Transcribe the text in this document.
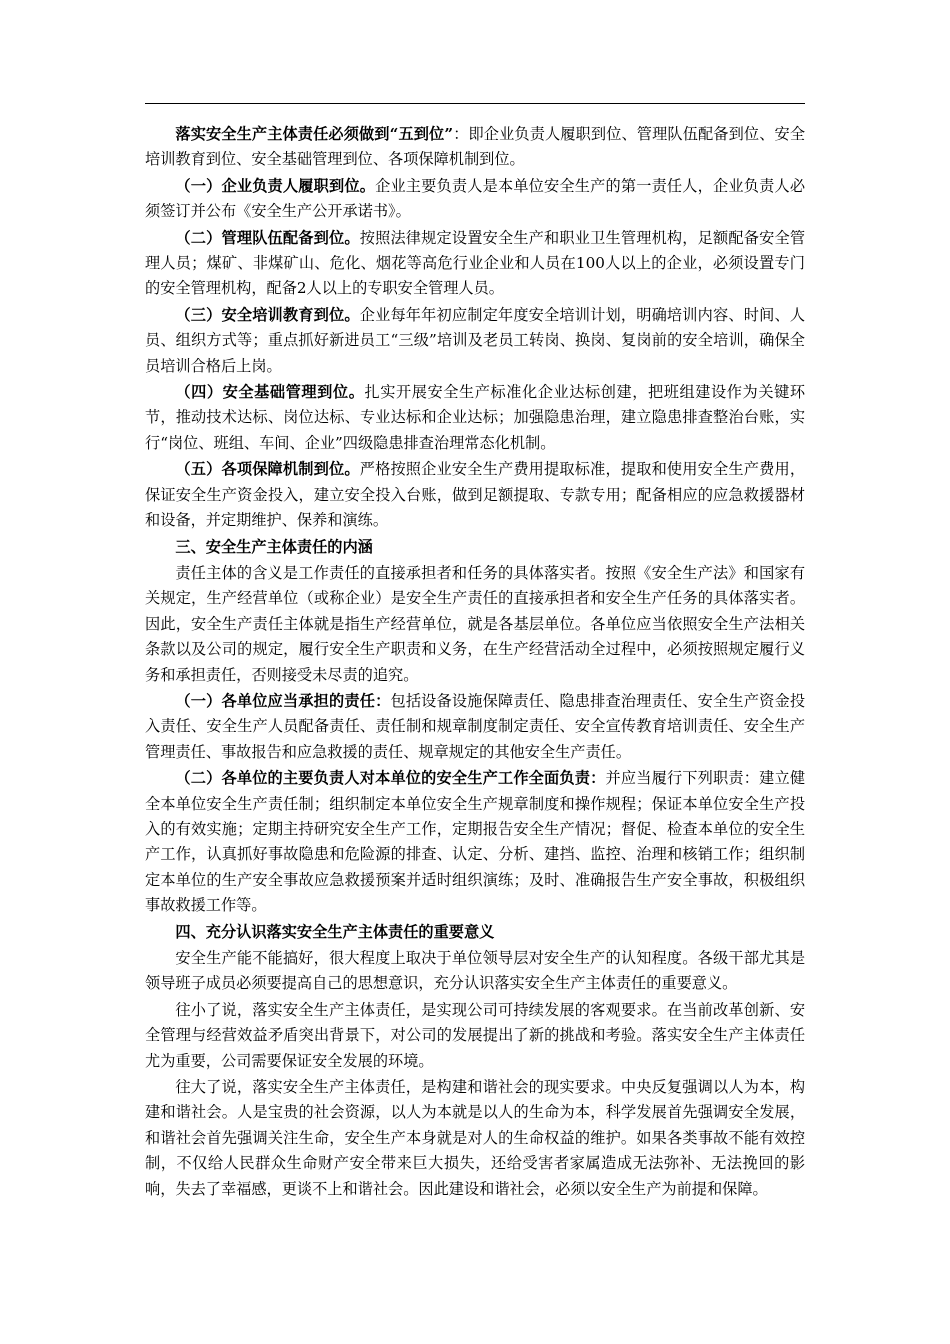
落实安全生产主体责任必须做到“五到位”：即企业负责人履职到位、管理队伍配备到位、安全培训教育到位、安全基础管理到位、各项保障机制到位。

（一）企业负责人履职到位。企业主要负责人是本单位安全生产的第一责任人，企业负责人必须签订并公布《安全生产公开承诺书》。

（二）管理队伍配备到位。按照法律规定设置安全生产和职业卫生管理机构，足额配备安全管理人员；煤矿、非煤矿山、危化、烟花等高危行业企业和人员在100人以上的企业，必须设置专门的安全管理机构，配备2人以上的专职安全管理人员。

（三）安全培训教育到位。企业每年年初应制定年度安全培训计划，明确培训内容、时间、人员、组织方式等；重点抓好新进员工“三级”培训及老员工转岗、换岗、复岗前的安全培训，确保全员培训合格后上岗。

（四）安全基础管理到位。扎实开展安全生产标准化企业达标创建，把班组建设作为关键环节，推动技术达标、岗位达标、专业达标和企业达标；加强隐患治理，建立隐患排查整治台账，实行“岗位、班组、车间、企业”四级隐患排查治理常态化机制。

（五）各项保障机制到位。严格按照企业安全生产费用提取标准，提取和使用安全生产费用，保证安全生产资金投入，建立安全投入台账，做到足额提取、专款专用；配备相应的应急救援器材和设备，并定期维护、保养和演练。

三、安全生产主体责任的内涵

责任主体的含义是工作责任的直接承担者和任务的具体落实者。按照《安全生产法》和国家有关规定，生产经营单位（或称企业）是安全生产责任的直接承担者和安全生产任务的具体落实者。因此，安全生产责任主体就是指生产经营单位，就是各基层单位。各单位应当依照安全生产法相关条款以及公司的规定，履行安全生产职责和义务，在生产经营活动全过程中，必须按照规定履行义务和承担责任，否则接受未尽责的追究。

（一）各单位应当承担的责任：包括设备设施保障责任、隐患排查治理责任、安全生产资金投入责任、安全生产人员配备责任、责任制和规章制度制定责任、安全宣传教育培训责任、安全生产管理责任、事故报告和应急救援的责任、规章规定的其他安全生产责任。

（二）各单位的主要负责人对本单位的安全生产工作全面负责：并应当履行下列职责：建立健全本单位安全生产责任制；组织制定本单位安全生产规章制度和操作规程；保证本单位安全生产投入的有效实施；定期主持研究安全生产工作，定期报告安全生产情况；督促、检查本单位的安全生产工作，认真抓好事故隐患和危险源的排查、认定、分析、建挡、监控、治理和核销工作；组织制定本单位的生产安全事故应急救援预案并适时组织演练；及时、准确报告生产安全事故，积极组织事故救援工作等。

四、充分认识落实安全生产主体责任的重要意义

安全生产能不能搞好，很大程度上取决于单位领导层对安全生产的认知程度。各级干部尤其是领导班子成员必须要提高自己的思想意识，充分认识落实安全生产主体责任的重要意义。

往小了说，落实安全生产主体责任，是实现公司可持续发展的客观要求。在当前改革创新、安全管理与经营效益矛盾突出背景下，对公司的发展提出了新的挑战和考验。落实安全生产主体责任尤为重要，公司需要保证安全发展的环境。

往大了说，落实安全生产主体责任，是构建和谐社会的现实要求。中央反复强调以人为本，构建和谐社会。人是宝贵的社会资源，以人为本就是以人的生命为本，科学发展首先强调安全发展，和谐社会首先强调关注生命，安全生产本身就是对人的生命权益的维护。如果各类事故不能有效控制，不仅给人民群众生命财产安全带来巨大损失，还给受害者家属造成无法弥补、无法挽回的影响，失去了幸福感，更谈不上和谐社会。因此建设和谐社会，必须以安全生产为前提和保障。
